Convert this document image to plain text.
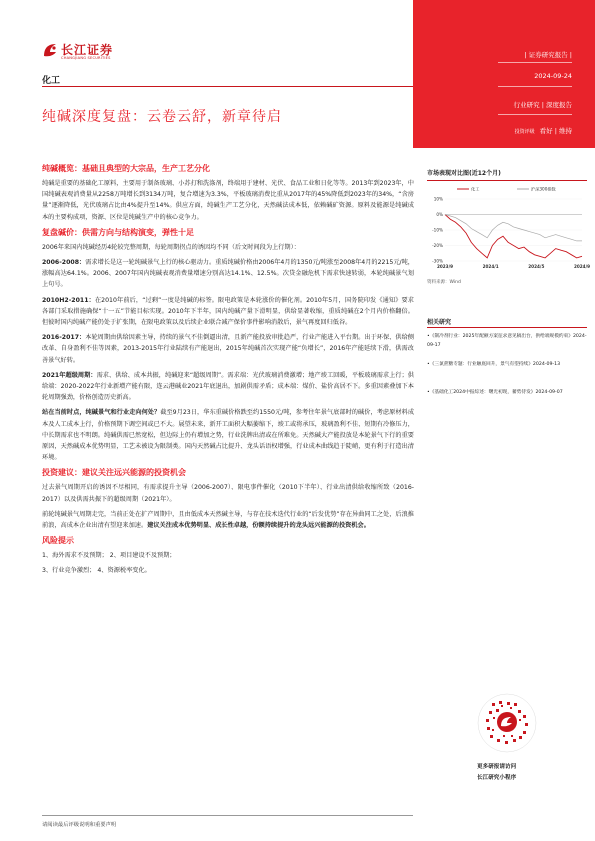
长江证券
CHANGJIANG SECURITIES
化工
纯碱深度复盘：云卷云舒，新章待启
纯碱概览：基础且典型的大宗品，生产工艺分化

纯碱是重要的基础化工原料，主要用于制备玻璃、小苏打和洗涤剂，终端用于建材、光伏、食品工业和日化等等。2013年到2023年，中国纯碱表观消费量从2258万吨增长到3134万吨，复合增速为3.3%，平板玻璃消费比重从2017年的45%降低到2023年的34%，“含房量”逐渐降低，光伏玻璃占比由4%提升至14%。供应方面，纯碱生产工艺分化，天然碱法成本低，依赖碱矿资源。原料及能源是纯碱成本的主要构成项，资源、区位是纯碱生产中的核心竞争力。

复盘碱价：供需方向与结构演变，弹性十足

2006年来国内纯碱经历4轮较完整周期，每轮周期拐点的诱因均不同（后文时间段为上行期）：

2006-2008：需求增长是这一轮纯碱景气上行的核心驱动力。重质纯碱价格由2006年4月的1350元/吨涨至2008年4月的2215元/吨，涨幅高达64.1%。2006、2007年国内纯碱表观消费量增速分别高达14.1%、12.5%。次贷金融危机下需求快速转弱，本轮纯碱景气划上句号。

2010H2-2011：在2010年前后，“过剩”一度是纯碱的标签。限电政策是本轮涨价的催化剂。2010年5月，国务院印发《通知》要求各部门采取措施确保“十一五”节能目标实现。2010年下半年，国内纯碱产量下滑明显，供给显著收缩，重质纯碱在2个月内价格翻倍。但彼时国内纯碱产能仍处于扩张期，在限电政策以及后续企业联合减产保价事件影响消散后，景气再度回归低谷。

2016-2017：本轮周期由供给因素主导，持续的景气不佳倒逼出清，且新产能投放审批趋严，行业产能进入平台期。出于环保、供给侧改革、自身盈利不佳等因素，2013-2015年行业陆续有产能退出，2015年纯碱首次实现产能“负增长”，2016年产能延续下滑，供需改善景气好转。

2021年超级周期：需求、供给、成本共振，纯碱迎来“超级周期”。需求端：光伏玻璃消费激增；地产竣工回暖，平板玻璃需求上行；供给端：2020-2022年行业新增产能有限，连云港碱业2021年底退出，加剧供需矛盾；成本端：煤价、盐价高居不下。多重因素叠加下本轮周期强劲，价格创造历史新高。

站在当前时点，纯碱景气和行业走向何处？截至9月23日，华东重碱价格跌至约1550元/吨，参考往年景气底部时的碱价，考虑原材料成本及人工成本上行，价格预期下调空间或已不大。展望未来，新开工面积大幅萎缩下，竣工或将承压，玻璃盈利不佳、短期有冷修压力，中长期需求也不明朗。纯碱供需已然宽松，但边际上仍有增加之势，行业洗牌出清或在所难免。天然碱大产能投放是本轮景气下行的重要原因，天然碱成本优势明显，工艺未被设为限制类。国内天然碱占比提升、龙头话语权增强，行业成本曲线趋于陡峭，更有利于打造出清环境。

投资建议：建议关注远兴能源的投资机会

过去景气周期开启的诱因不尽相同，有需求提升主导（2006-2007）、限电事件催化（2010下半年）、行业出清供给收缩所致（2016-2017）以及供需共振下的超级周期（2021年）。

前轮纯碱景气周期走完，当前正处在扩产周期中，且由低成本天然碱主导，与存在技术迭代行业的“后发优势”存在异曲同工之处，后浪推前浪，高成本企业出清有望迎来加速。建议关注成本优势明显、成长性卓越，份额持续提升的龙头远兴能源的投资机会。

风险提示
1、海外需求不及预期； 2、项目建设不及预期；
3、行业竞争激烈； 4、资源税率变化。
请阅读最后评级说明和重要声明
| 证券研究报告 |
2024-09-24
行业研究 | 深度报告
投资评级 看好 | 维持
市场表现对比图(近12个月)
10%
0%
-10%
-20%
-30%
2023/9	2024/1	2024/5	2024/9
化工	沪深300指数
资料来源：Wind
相关研究
•《制冷剂行业：2025年配额方案征求意见稿出台，供给端规模约束》2024-09-17
•《三氯蔗糖专题：行业触底回升，景气有望持续》2024-09-13
•《基础化工2024中报综述：曙光初现，蓄势待发》2024-09-07
更多研报请访问
长江研究小程序
